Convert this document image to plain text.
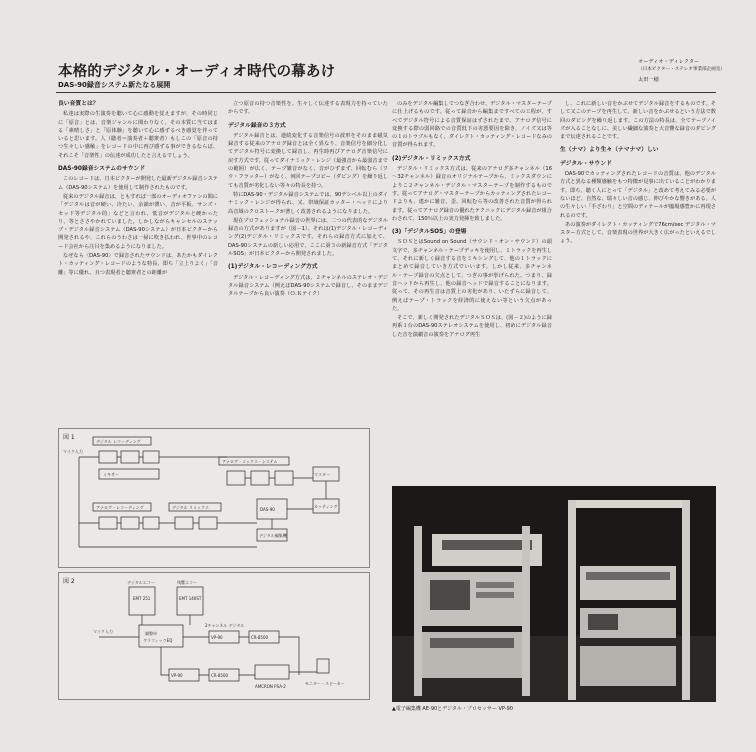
本格的デジタル・オーディオ時代の幕あけ
DAS-90録音システム新たなる展開
オーディオ・ディレクター
（日本ビクター・ステレオ事業部企画室）
太田一穂
良い音質とは？

私達は実際の生演奏を聴いて心に感動を覚えますが、その時同じに「原音」とは、音楽ジャンルに関わりなく、その本質に当てはまる「素晴しさ」と「原体験」を聴いて心に感ずるべき感覚を伴っていると思います。人（聴者＝演奏者＋聴衆者）もしこの「原音の持つ生々しい感触」をレコードの中に再び感ずる事ができるならば、それこそ「音楽性」の伝達が成功したと言えるでしょう。

DAS-90録音システムのサウンド

このレコードは、日本ビクターが開発した最新デジタル録音システム（DAS-90システム）を使用して制作されたものです。

従来のデジタル録音は、ともすれば一部のオーディオファンの間に「デジタルは音が硬い、冷たい、余韻が薄い、音が平板、サンズ・セッド等デジタル的」などと言われ、低音がデジタルと硬かったり、等とささやかれていました。しかしながらキャンセルのステップ・デジタル録音システム（DAS-90システム）が日本ビクターから開発されるや、これらのうわさは一掃に吹き払われ、世界中のレコード会社から注目を集めるようになりました。

なぜなら〈DAS-90〉で録音されたサウンドは、あたかもダイレクト・カッティング・レコードのような特長、即ち「立上りよく」「音離」等に優れ、且つ表現者と聴衆者との距離が

立つ原音の持つ音楽性を、生々しく伝達する表現力を持っていたからです。

デジタル録音の３方式

デジタル録音とは、連続変化する音楽信号の波形をそのまま磁気録音する従来のアナログ録音とは全く異なり、音楽信号を細分化してデジタル符号に変換して録音し、再生時再びアナログ音楽信号に戻す方式です。従ってダイナミック・レンジ（最強音から最弱音までの範囲）が広く、テープ雑音がなく、音がひずまず、回転むら（ワウ・フラッター）がなく、何回テープコピー（ダビング）を繰り返しても音質が劣化しない等々の特長を持つ。

特にDAS-90・デジタル録音システムでは、90デシベル以上のダイナミック・レンジが得られ、又、帯域保証カッター・ヘッドにより高音域のクロストークが著しく改善されるようになりました。

現在プロフェッショナル録音の世界には、二つの代表的なデジタル録音の方式がありますが（図－1）、それは(1)デジタル・レコーディング(2)デジタル・リミックスです。それらの録音方式に加えて、DAS-90システムの新しい応用で、ここに第３の新録音方式「デジタルSOS」が日本ビクターから開発されました。

(1)デジタル・レコーディング方式

デジタル・レコーディング方式は、２チャンネルのステレオ・デジタル録音システム（例えばDAS-90システムで録音し、そのままデジタルテープから良い演奏（Ｏ.Ｋテイク）

のみをデジタル編集してつなぎ合わせ、デジタル・マスターテープに仕上げるものです。従って録音から編集まですべての工程が、すべてデジタル符号による音質保証はずされたまで、アナログ信号に変換する際の弱回路での音質低下の劣悪要因を除き、ノイズ又は等の１のトラブルもなく、ダイレクト・カッティング・レコードなみの音質が得られます。

(2)デジタル・リミックス方式

デジタル・リミックス方式は、従来のアナログ多チャンネル（16～32チャンネル）録音のオリジナルテープから、ミックスダウンによりこ２チャンネル・デジタル・マスターテープを制作するものです。従ってアナログ・マスターテープからカッティングされたレコードよりも、遙かに雑音、歪、回転むら等の改善された音質が得られます。従ってアナログ録音の優れたテクニックにデジタル録音が組合わされて、150％以上の実力発揮を致しました。

(3)「デジタルSOS」の登場

ＳＯＳとはSound on Sound（サウンド・オン・サウンド）の頭文字で、多チャンネル・テープデッキを使用し、１トラックを再生して、それに新しく録音する音をミキシングして、他の１トラックにまとめて録音していき方式でいいます。しかし従来、多チャンネル・テープ録音の欠点として、つぎの事が挙げられた。つまり、録音ヘッドから再生し、他の録音ヘッドで録音することになります。従って、その再生音は音質上の劣化があり、いたずらに録音して、例えばテープ・トラックを経済的に使えない等という欠点があった。

そこで、新しく開発されたデジタルＳＯＳは、(図－２)のように録再系１台のDAS-90ステレオシステムを使用し、初めにデジタル録音した音を演劇音の演奏をアナログ再生

し、これに新しい音をかぶせてデジタル録音をするものです。そして又このテープを再生して、新しい音をかぶせるという方法で数回のダビングを繰り返します。この方法の特長は、全てテープノイズが入ることなしに、美しい繊細な演奏と大音響な録音のダビングまで伝達されることです。

生（ナマ）より生々（ナマナマ）しい
デジタル・サウンド

DAS-90でカッティングされたレコードの音質は、他のデジタル方式と異なる種類感触をもつ特徴が見事に出ていることがわかります。即ち、聴く人にとって「デジタル」と改めて考えてみる必要がないほど、自然な、瑞々しい音の感じ、伸びやかな響きがある。人の生々しい「手ざわり」と空間のディテールが臨場感豊かに再現されるのです。

あの演奏がダイレクト・カッティングで76cm/sec デジタル・マスター方式として、音楽表現の世界が大きく広がったといえるでしょう。

図 1
デジタル レコーディング
アナログ・ミックス・システム
アナログ・レコーディング	デジタル リミックス
マイク入力
ミキサー
DAS-90
デジタル編集機
マスター
カッティング
図 2	デジタルエコー	残響エコー
EMT 251	EMT 140ST
マイク入力	調整卓
グラフィックEQ
2チャンネル デジタル
VP-90	CR-8500
VP-90	CR-8500
AMCRON PSA-2
モニター・スピーカー
▲電子編集機 AE-90とデジタル・プロセッサー VP-90
